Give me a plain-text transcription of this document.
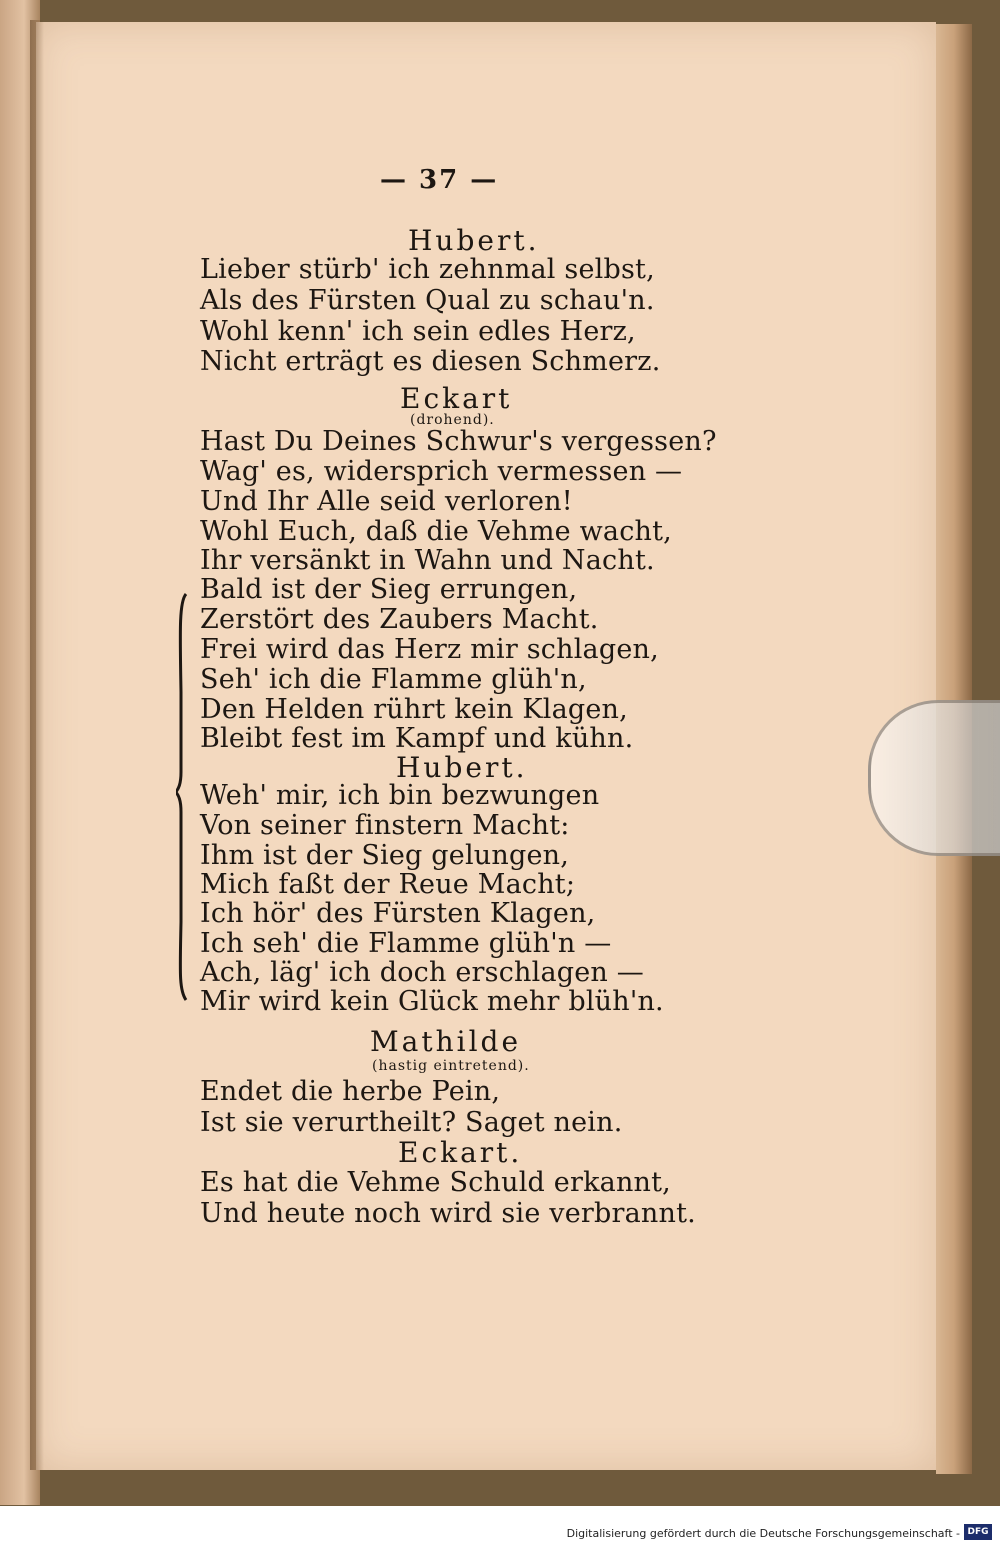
— 37 —
Hubert.
Lieber stürb' ich zehnmal selbst,
Als des Fürsten Qual zu schau'n.
Wohl kenn' ich sein edles Herz,
Nicht erträgt es diesen Schmerz.
Eckart
(drohend).
Hast Du Deines Schwur's vergessen?
Wag' es, widersprich vermessen —
Und Ihr Alle seid verloren!
Wohl Euch, daß die Vehme wacht,
Ihr versänkt in Wahn und Nacht.
Bald ist der Sieg errungen,
Zerstört des Zaubers Macht.
Frei wird das Herz mir schlagen,
Seh' ich die Flamme glüh'n,
Den Helden rührt kein Klagen,
Bleibt fest im Kampf und kühn.
Hubert.
Weh' mir, ich bin bezwungen
Von seiner finstern Macht:
Ihm ist der Sieg gelungen,
Mich faßt der Reue Macht;
Ich hör' des Fürsten Klagen,
Ich seh' die Flamme glüh'n —
Ach, läg' ich doch erschlagen —
Mir wird kein Glück mehr blüh'n.
Mathilde
(hastig eintretend).
Endet die herbe Pein,
Ist sie verurtheilt? Saget nein.
Eckart.
Es hat die Vehme Schuld erkannt,
Und heute noch wird sie verbrannt.
Digitalisierung gefördert durch die Deutsche Forschungsgemeinschaft - DFG
